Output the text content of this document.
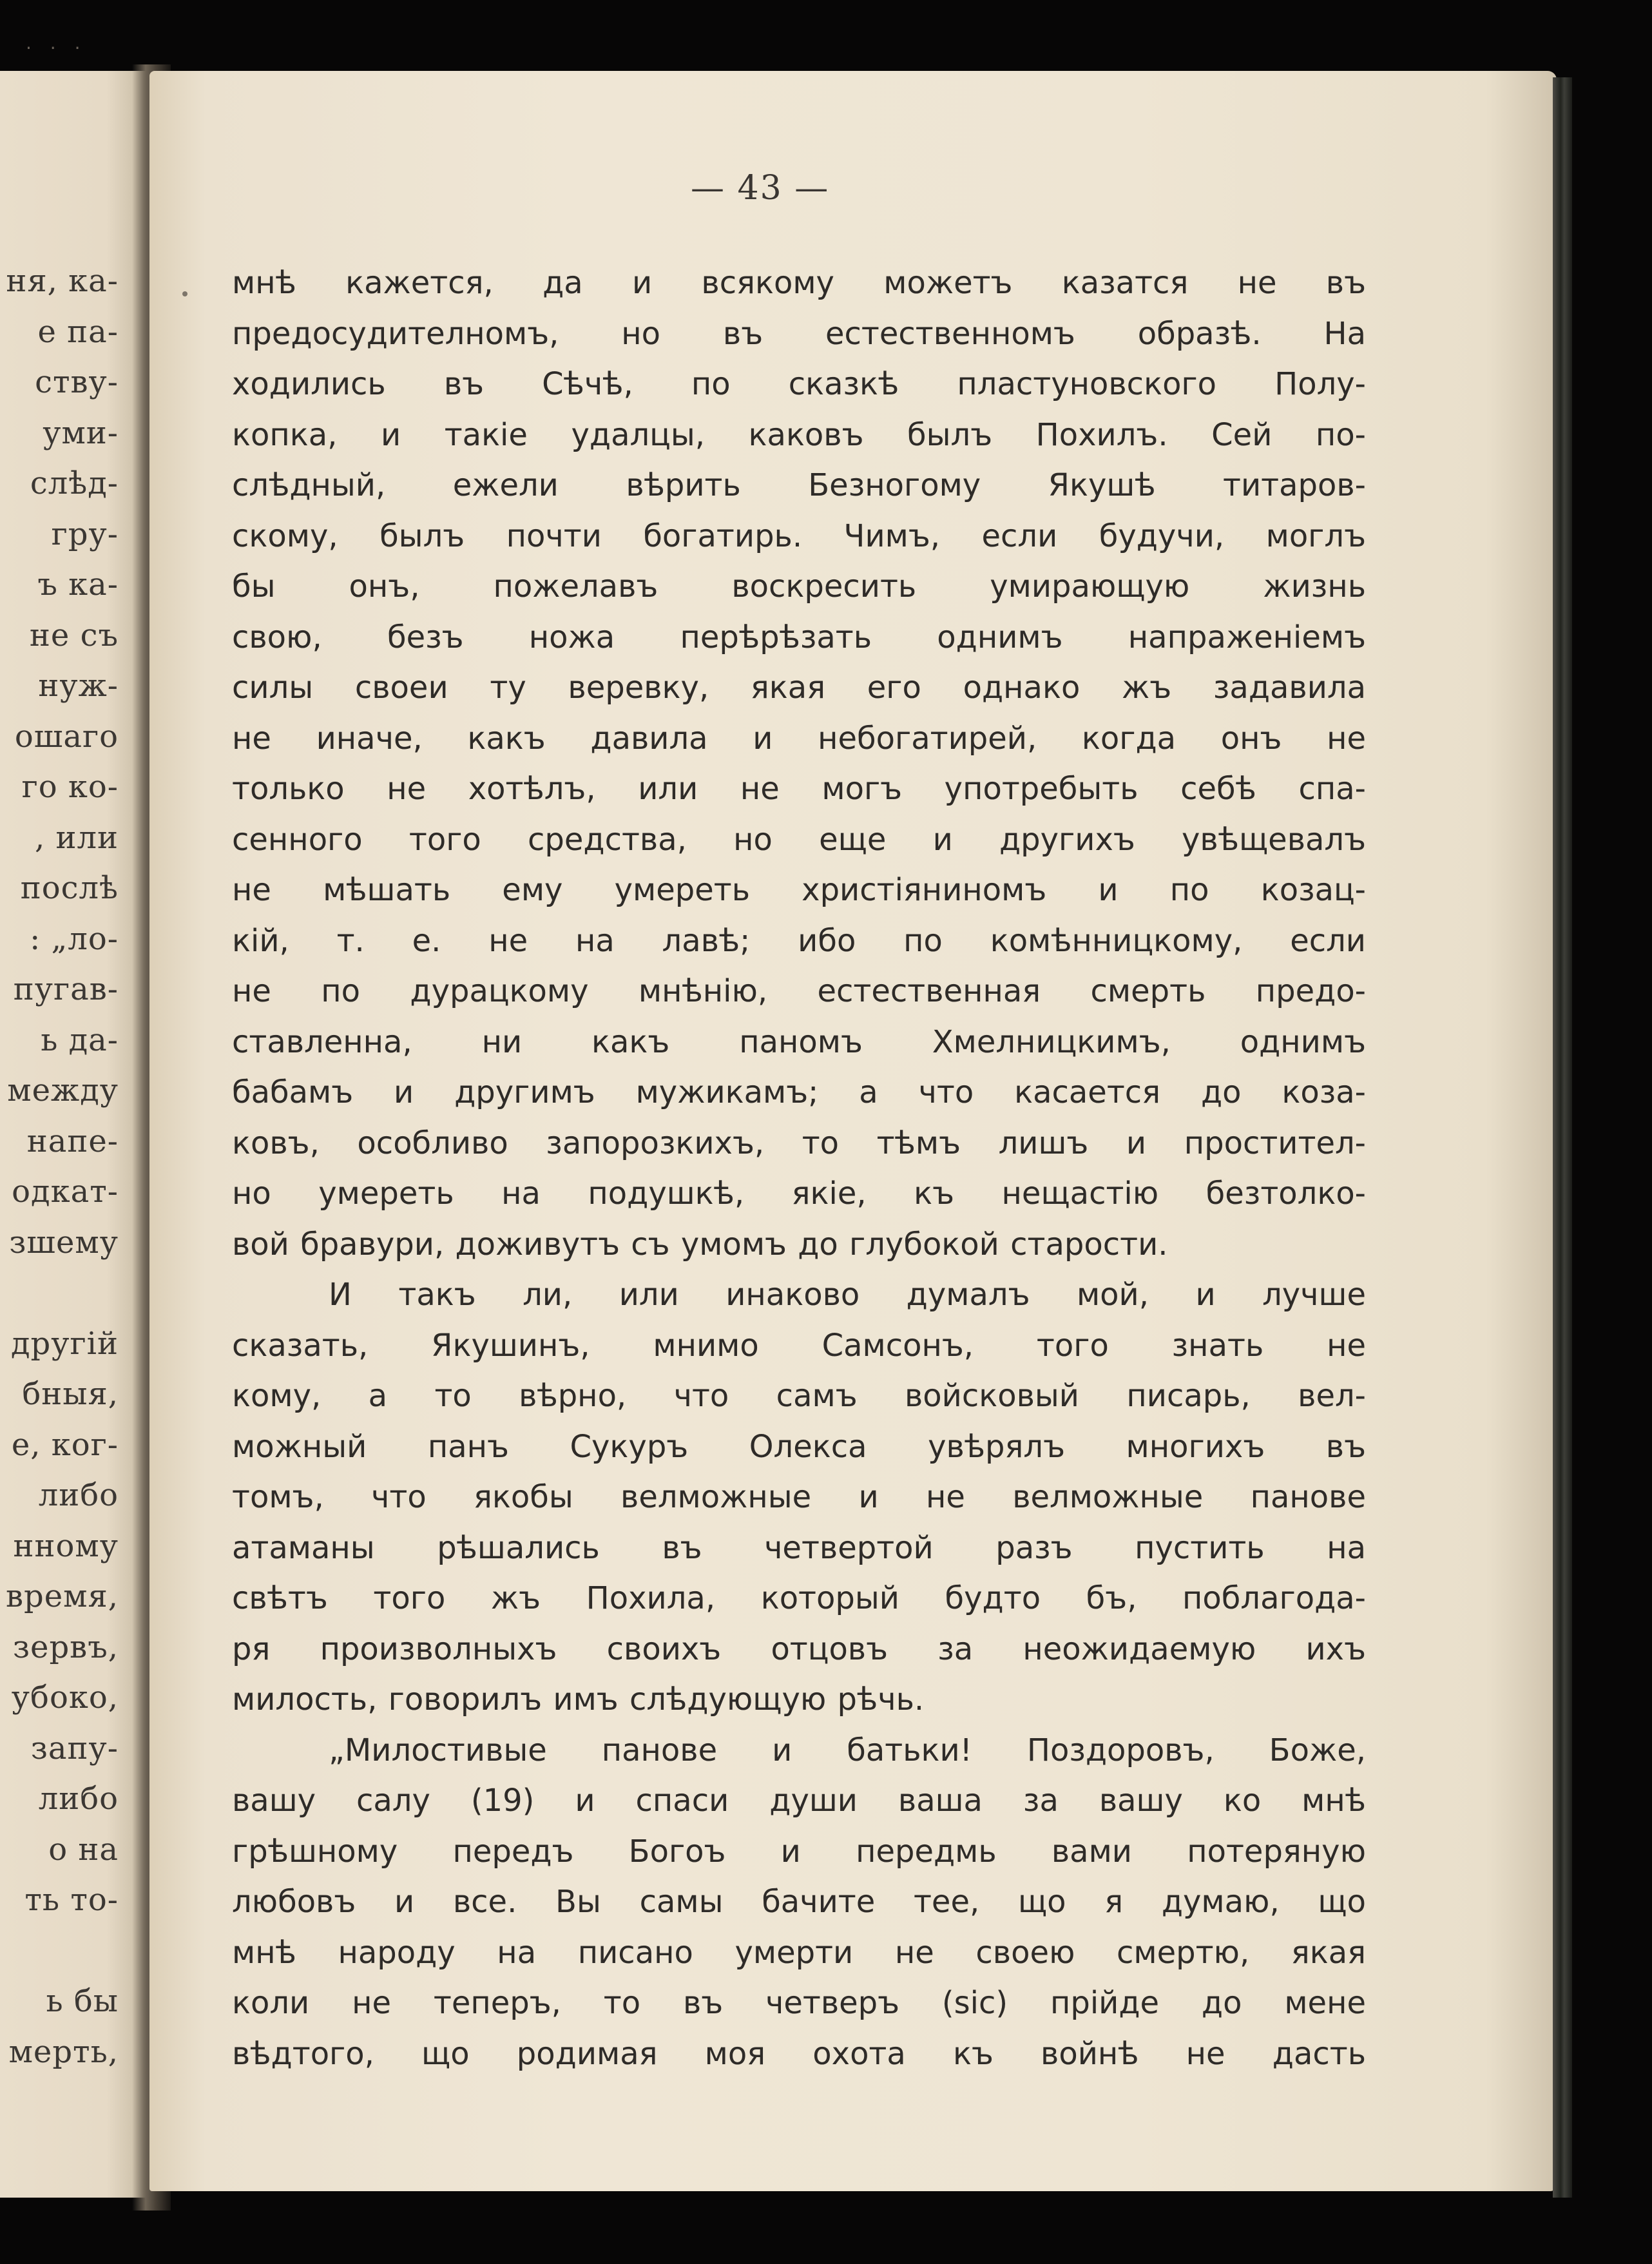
· · ·
ня, ка-
е па-
ству-
уми-
слѣд-
гру-
ъ ка-
не съ
нуж-
ошаго
го ко-
, или
послѣ
: „ло-
пугав-
ь да-
между
напе-
одкат-
зшему
другій
бныя,
е, ког-
либо
нному
время,
зервъ,
убоко,
запу-
либо
о на
ть то-
ь бы
мерть,
— 43 —
мнѣ кажется, да и всякому можетъ казатся не въ
предосудителномъ, но въ естественномъ образѣ. На
ходились въ Сѣчѣ, по сказкѣ пластуновского Полу-
копка, и такіе удалцы, каковъ былъ Похилъ. Сей по-
слѣдный, ежели вѣрить Безногому Якушѣ титаров-
скому, былъ почти богатирь. Чимъ, если будучи, моглъ
бы онъ, пожелавъ воскресить умирающую жизнь
свою, безъ ножа перѣрѣзать однимъ напраженіемъ
силы своеи ту веревку, якая его однако жъ задавила
не иначе, какъ давила и небогатирей, когда онъ не
только не хотѣлъ, или не могъ употребыть себѣ спа-
сенного того средства, но еще и другихъ увѣщевалъ
не мѣшать ему умереть христіяниномъ и по козац-
кій, т. е. не на лавѣ; ибо по комѣнницкому, если
не по дурацкому мнѣнію, естественная смерть предо-
ставленна, ни какъ паномъ Хмелницкимъ, однимъ
бабамъ и другимъ мужикамъ; а что касается до коза-
ковъ, особливо запорозкихъ, то тѣмъ лишъ и простител-
но умереть на подушкѣ, якіе, къ нещастію безтолко-
вой бравури, доживутъ съ умомъ до глубокой старости.
И такъ ли, или инаково думалъ мой, и лучше
сказать, Якушинъ, мнимо Самсонъ, того знать не
кому, а то вѣрно, что самъ войсковый писарь, вел-
можный панъ Сукуръ Олекса увѣрялъ многихъ въ
томъ, что якобы велможные и не велможные панове
атаманы рѣшались въ четвертой разъ пустить на
свѣтъ того жъ Похила, который будто бъ, поблагода-
ря произволныхъ своихъ отцовъ за неожидаемую ихъ
милость, говорилъ имъ слѣдующую рѣчь.
„Милостивые панове и батьки! Поздоровъ, Боже,
вашу салу (19) и спаси души ваша за вашу ко мнѣ
грѣшному передъ Богоъ и передмь вами потеряную
любовъ и все. Вы самы бачите тее, що я думаю, що
мнѣ народу на писано умерти не своею смертю, якая
коли не теперъ, то въ четверъ (sic) прійде до мене
вѣдтого, що родимая моя охота къ войнѣ не дасть
